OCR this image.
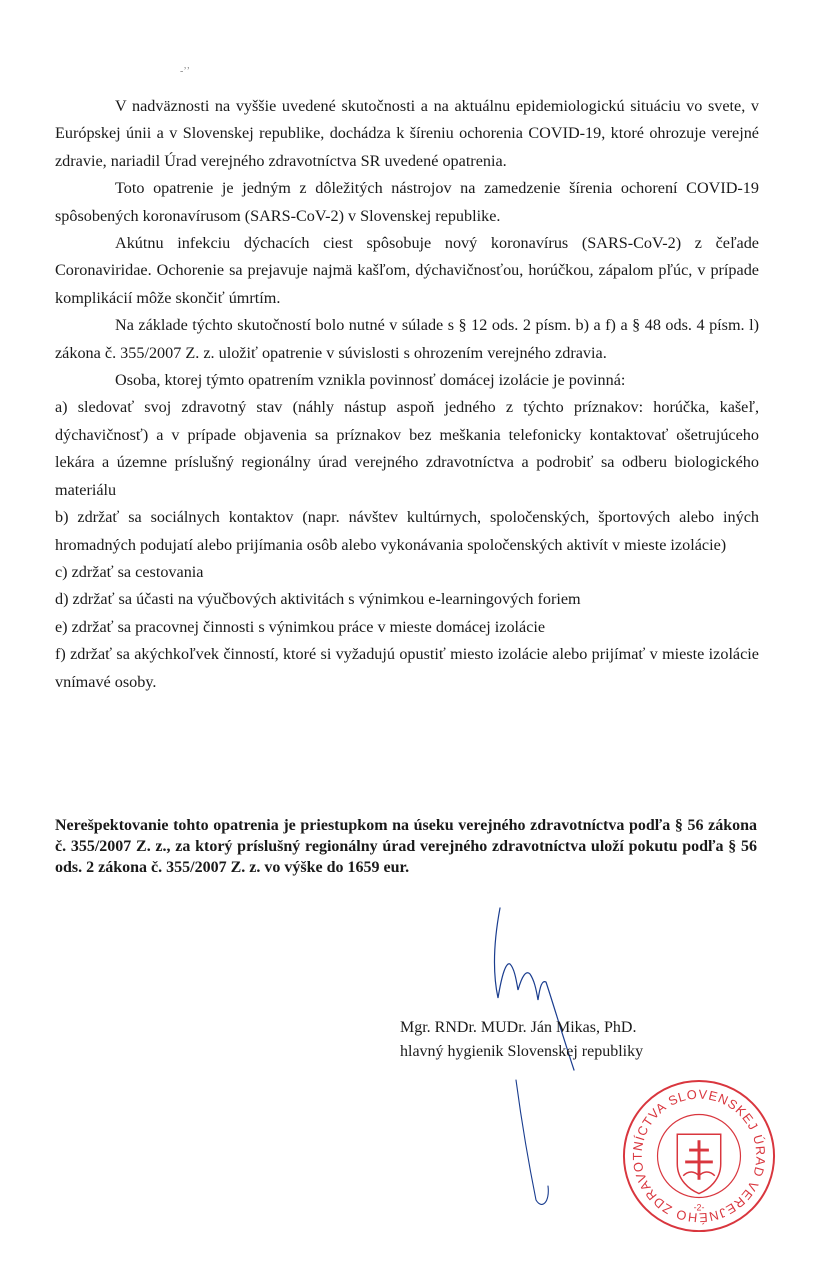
-ʼʼ

V nadväznosti na vyššie uvedené skutočnosti a na aktuálnu epidemiologickú situáciu vo svete, v Európskej únii a v Slovenskej republike, dochádza k šíreniu ochorenia COVID-19, ktoré ohrozuje verejné zdravie, nariadil Úrad verejného zdravotníctva SR uvedené opatrenia.

Toto opatrenie je jedným z dôležitých nástrojov na zamedzenie šírenia ochorení COVID-19 spôsobených koronavírusom (SARS-CoV-2) v Slovenskej republike.

Akútnu infekciu dýchacích ciest spôsobuje nový koronavírus (SARS-CoV-2) z čeľade Coronaviridae. Ochorenie sa prejavuje najmä kašľom, dýchavičnosťou, horúčkou, zápalom pľúc, v prípade komplikácií môže skončiť úmrtím.

Na základe týchto skutočností bolo nutné v súlade s § 12 ods. 2 písm. b) a f) a § 48 ods. 4 písm. l) zákona č. 355/2007 Z. z. uložiť opatrenie v súvislosti s ohrozením verejného zdravia.

Osoba, ktorej týmto opatrením vznikla povinnosť domácej izolácie je povinná:

a) sledovať svoj zdravotný stav (náhly nástup aspoň jedného z týchto príznakov: horúčka, kašeľ, dýchavičnosť) a v prípade objavenia sa príznakov bez meškania telefonicky kontaktovať ošetrujúceho lekára a územne príslušný regionálny úrad verejného zdravotníctva a podrobiť sa odberu biologického materiálu

b) zdržať sa sociálnych kontaktov (napr. návštev kultúrnych, spoločenských, športových alebo iných hromadných podujatí alebo prijímania osôb alebo vykonávania spoločenských aktivít v mieste izolácie)

c) zdržať sa cestovania

d) zdržať sa účasti na výučbových aktivitách s výnimkou e-learningových foriem

e) zdržať sa pracovnej činnosti s výnimkou práce v mieste domácej izolácie

f) zdržať sa akýchkoľvek činností, ktoré si vyžadujú opustiť miesto izolácie alebo prijímať v mieste izolácie vnímavé osoby.

Nerešpektovanie tohto opatrenia je priestupkom na úseku verejného zdravotníctva podľa § 56 zákona č. 355/2007 Z. z., za ktorý príslušný regionálny úrad verejného zdravotníctva uloží pokutu podľa § 56 ods. 2 zákona č. 355/2007 Z. z. vo výške do 1659 eur.
Mgr. RNDr. MUDr. Ján Mikas, PhD.
hlavný hygienik Slovenskej republiky
ÚRAD VEREJNÉHO ZDRAVOTNÍCTVA SLOVENSKEJ
-2-
